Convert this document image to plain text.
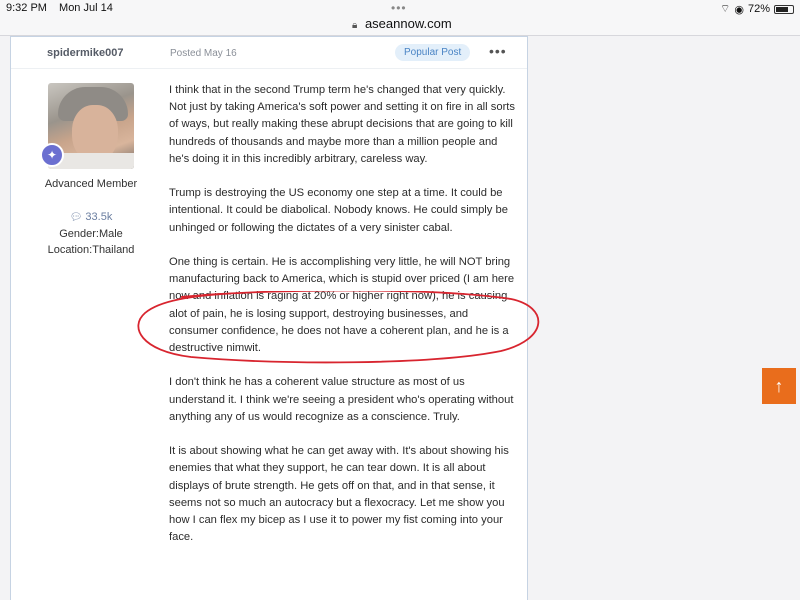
9:32 PM Mon Jul 14	•••
🔒︎ aseannow.com
⌔ ◉ 72%
spidermike007	Posted May 16	Popular Post	•••
✦
Advanced Member
💬︎ 33.5k
Gender:Male
Location:Thailand

I think that in the second Trump term he's changed that very quickly. Not just by taking America's soft power and setting it on fire in all sorts of ways, but really making these abrupt decisions that are going to kill hundreds of thousands and maybe more than a million people and he's doing it in this incredibly arbitrary, careless way.

Trump is destroying the US economy one step at a time. It could be intentional. It could be diabolical. Nobody knows. He could simply be unhinged or following the dictates of a very sinister cabal.

One thing is certain. He is accomplishing very little, he will NOT bring manufacturing back to America, which is stupid over priced (I am here now and inflation is raging at 20% or higher right now), he is causing alot of pain, he is losing support, destroying businesses, and consumer confidence, he does not have a coherent plan, and he is a destructive nimwit.

I don't think he has a coherent value structure as most of us understand it. I think we're seeing a president who's operating without anything any of us would recognize as a conscience. Truly.

It is about showing what he can get away with. It's about showing his enemies that what they support, he can tear down. It is all about displays of brute strength. He gets off on that, and in that sense, it seems not so much an autocracy but a flexocracy. Let me show you how I can flex my bicep as I use it to power my fist coming into your face.

↑
